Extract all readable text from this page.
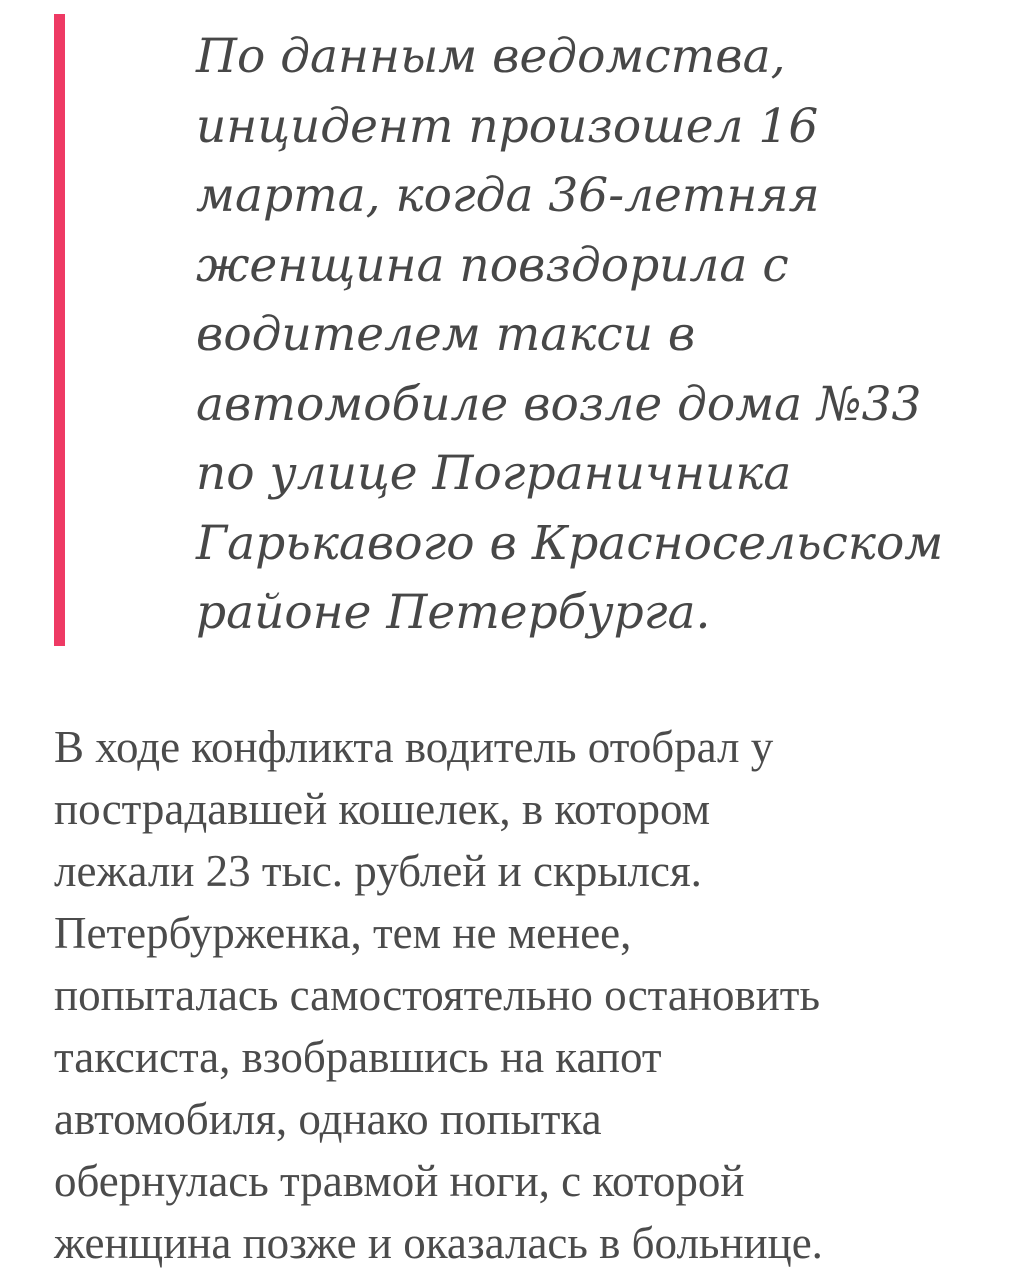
По данным ведомства,
инцидент произошел 16
марта, когда 36-летняя
женщина повздорила с
водителем такси в
автомобиле возле дома №33
по улице Пограничника
Гарькавого в Красносельском
районе Петербурга.

В ходе конфликта водитель отобрал у
пострадавшей кошелек, в котором
лежали 23 тыс. рублей и скрылся.
Петербурженка, тем не менее,
попыталась самостоятельно остановить
таксиста, взобравшись на капот
автомобиля, однако попытка
обернулась травмой ноги, с которой
женщина позже и оказалась в больнице.
